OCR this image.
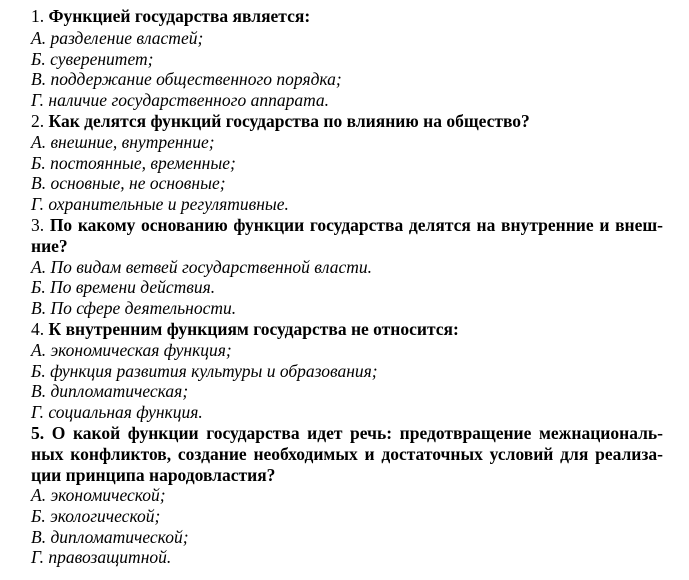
1. Функцией государства является:
А. разделение властей;
Б. суверенитет;
В. поддержание общественного порядка;
Г. наличие государственного аппарата.
2. Как делятся функций государства по влиянию на общество?
А. внешние, внутренние;
Б. постоянные, временные;
В. основные, не основные;
Г. охранительные и регулятивные.
3. По какому основанию функции государства делятся на внутренние и внеш-
ние?
А. По видам ветвей государственной власти.
Б. По времени действия.
В. По сфере деятельности.
4. К внутренним функциям государства не относится:
А. экономическая функция;
Б. функция развития культуры и образования;
В. дипломатическая;
Г. социальная функция.
5. О какой функции государства идет речь: предотвращение межнациональ-
ных конфликтов, создание необходимых и достаточных условий для реализа-
ции принципа народовластия?
А. экономической;
Б. экологической;
В. дипломатической;
Г. правозащитной.
